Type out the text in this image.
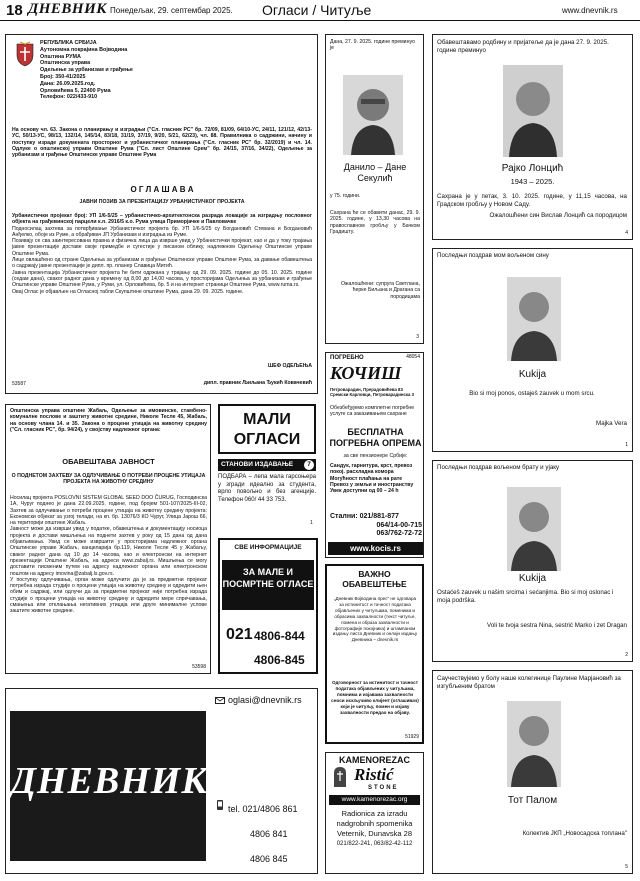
18 ДНЕВНИК Понедељак, 29. септембар 2025. Огласи / Читуље	www.dnevnik.rs
РЕПУБЛИКА СРБИЈА
Аутономна покрајина Војводина
Општина РУМА
Општинска управа
Одељење за урбанизам и грађење
Број: 350-41/2025
Дана: 26.09.2025.год.
Орловићева 5, 22400 Рума
Телефон: 022/433-910
На основу чл. 63. Закона о планирању и изградњи ("Сл. гласник РС" бр. 72/09, 81/09, 64/10-УС, 24/11, 121/12, 42/13-УС, 50/13-УС, 98/13, 132/14, 145/14, 83/18, 31/19, 37/19, 9/20, 5/21, 62/23), чл. 88. Правилника о садржини, начину и поступку израде докумената просторног и урбанистичког планирања ("Сл. гласник РС" бр. 32/2019) и чл. 14. Одлуке о општинској управи Општине Рума ("Сл. лист Општине Срем" бр. 24/15, 37/16, 34/22), Одељење за урбанизам и грађење Општинске управе Општине Рума
О Г Л А Ш А В А
ЈАВНИ ПОЗИВ ЗА ПРЕЗЕНТАЦИЈУ УРБАНИСТИЧКОГ ПРОЈЕКТА
Урбанистички пројекат број: УП 1/6-5/25 – урбанистичко-архитектонска разрада локације за изградњу пословног објекта на грађевинској парцели к.п. 2916/5 к.о. Рума улица Приморјачке и Павловачке
Подносилац захтева за потврђивање Урбанистичког пројекта бр. УП 1/6-5/25 су Богдановић Стевана и Богдановић Анђелко, обоје из Руме, а обрађивач ЈП Урбанизам и изградња из Руме.
Позивају се сва заинтересована правна и физичка лица да изврше увид у Урбанистички пројекат, као и да у току трајања јавне презентације доставе своје примедбе и сугестије у писаном облику, надлежном Одељењу Општинске управе Општине Рума.
Лице овлашћено од стране Одељења за урбанизам и грађење Општинске управе Општине Рума, за давање обавештења о садржају јавне презентације је дипл. пр. планер Славица Митић.
Јавна презентација Урбанистичког пројекта ће бити одржана у трајању од 29. 09. 2025. године до 05. 10. 2025. године (седам дана), сваког радног дана у времену од 8,00 до 14,00 часова, у просторијама Одељења за урбанизам и грађење Општинске управе Општине Рума, у Руми, ул. Орловићева, бр. 5 и на интернет страници Општине Рума, www.ruma.rs.
Овај Оглас је објављен на Огласној табли Скупштине општине Рума, дана 29. 09. 2025. године.
ШЕФ ОДЕЉЕЊА
дипл. правник Љиљана Ђукић Ковачевић
53587
Општинска управа општине Жабаљ, Одељење за имовинске, стамбено-комуналне послове и заштиту животне средине, Николе Тесле 45, Жабаљ, на основу члана 14. и 35. Закона о процени утицаја на животну средину ("Сл. гласник РС", бр. 94/24), у својству надлежног органа:
ОБАВЕШТАВА ЈАВНОСТ
О ПОДНЕТОМ ЗАХТЕВУ ЗА ОДЛУЧИВАЊЕ О ПОТРЕБИ ПРОЦЕНЕ УТИЦАЈА ПРОЈЕКТА НА ЖИВОТНУ СРЕДИНУ
Носилац пројекта POSLOVNI SISTEM GLOBAL SEED DOO ČURUG, Господинска 1А, Чуруг поднео је дана 22.09.2025. године, под бројем 501-107/2025-III-02, Захтев за одлучивање о потреби процене утицаја на животну средину пројекта: Економски објекат за узгој телади, на кп. бр. 13076/3 КО Чуруг, Улица Јарош 66, на територији општине Жабаљ.
Јавност може да изврши увид у податке, обавештења и документацију носиоца пројекта и достави мишљења на поднети захтев у року од 15 дана од дана објављивања. Увид се може извршити у просторијама надлежног органа Општинске управе Жабаљ, канцеларија бр.119, Николе Тесле 45 у Жабаљу, сваког радног дана од 10 до 14 часова, као и електронски на интернет презентацији Општине Жабаљ, на адреси www.zabalj.rs. Мишљења се могу доставити писменим путем на адресу надлежног органа или електронском поштом на адресу imovina@zabalj.ls.gov.rs.
У поступку одлучивања, орган може одлучити да је за предметни пројекат потребна израда студије о процени утицаја на животну средину и одредити њен обим и садржај, или одлучи да за предметни пројекат није потребна израда студије о процени утицаја на животну средину и одредити мере спречавања, смањења или отклањања негативних утицаја или друге минималне услове заштите животне средине.
53598
ДНЕВНИК
oglasi@dnevnik.rs
tel. 021/4806 861
4806 841
4806 845
МАЛИ
ОГЛАСИ
СТАНОВИ ИЗДАВАЊЕ	7
ПОДБАРА – лепа мала гарсоњера у згради идеално за студента, врло повољно и без агенције. Телефон 060/ 44 33 753.
1
СВЕ ИНФОРМАЦИЈЕ
ЗА МАЛЕ И ПОСМРТНЕ ОГЛАСЕ
021 4806-844
4806-845
Дана, 27. 9. 2025. године преминуо је
Данило – Дане Секулић
у 75. години.
Сахрана ће се обавити данас, 29. 9. 2025. године, у 13,30 часова на православном гробљу у Бачком Градишту.
Ожалошћени: супруга Светлана, ћерке Биљана и Драгана са породицама
3
ПОГРЕБНО
КОЧИШ
Петроварадин, Прерадовићева 83 Сремски Карловци, Петроварадинска 3
Обезбеђујемо комплетне погребне услуге са заказивањем сахране
БЕСПЛАТНА
ПОГРЕБНА ОПРЕМА
за све пензионере Србије:
Сандук, гарнитура, крст, превоз покој. расхладна комора
Могућност плаћања на рате
Превоз у земљи и иностранству
Увек доступни од 00 – 24 h
Стални: 021/881-877
064/14-00-715
063/762-72-72
www.kocis.rs
48054
ВАЖНО ОБАВЕШТЕЊЕ
„Дневник Војводина прес" не одговара за истинитост и тачност података објављених у читуљама, поменима и обрасима захвалности (текст читуље, помена и образа захвалности и фотографије покојника) и штампаном издању листа Дневник и онлајн издању Дневника – dnevnik.rs
Одговорност за истинитост и тачност података објављених у читуљама, помнима и изјавама захвалности сноси искључиво клијент (оглашивач) који је читуљу, помен и изјаву захвалности предао на објаву.
51929
KAMENOREZAC
Ristić
STONE
www.kamenorezac.org
Radionica za izradu
nadgrobnih spomenika
Veternik, Dunavska 28
021/822-241, 063/82-42-112
Обавештавамо родбину и пријатеље да је дана 27. 9. 2025. године преминуо
Рајко Лонцић
1943 – 2025.
Сахрана је у петак, 3. 10. 2025. године, у 11,15 часова, на Градском гробљу у Новом Саду.
Ожалошћени син Вислав Лонцић са породицом
4
Последњи поздрав мом вољеном сину
Kukija
Bio si moj ponos, ostaješ zauvek u mom srcu.
Majka Vera
1
Последњи поздрав вољеном брату и ујаку
Kukija
Ostaćeš zauvek u našim srcima i sećanjima. Bio si moj oslonac i moja podrška.
Voli te tvoja sestra Nina, sestrić Marko i zet Dragan
2
Саучествујемо у болу наше колегинице Паулине Марјановић за изгубљеним братом
Тот Палом
Колектив ЈКП „Новосадска топлана"
5
